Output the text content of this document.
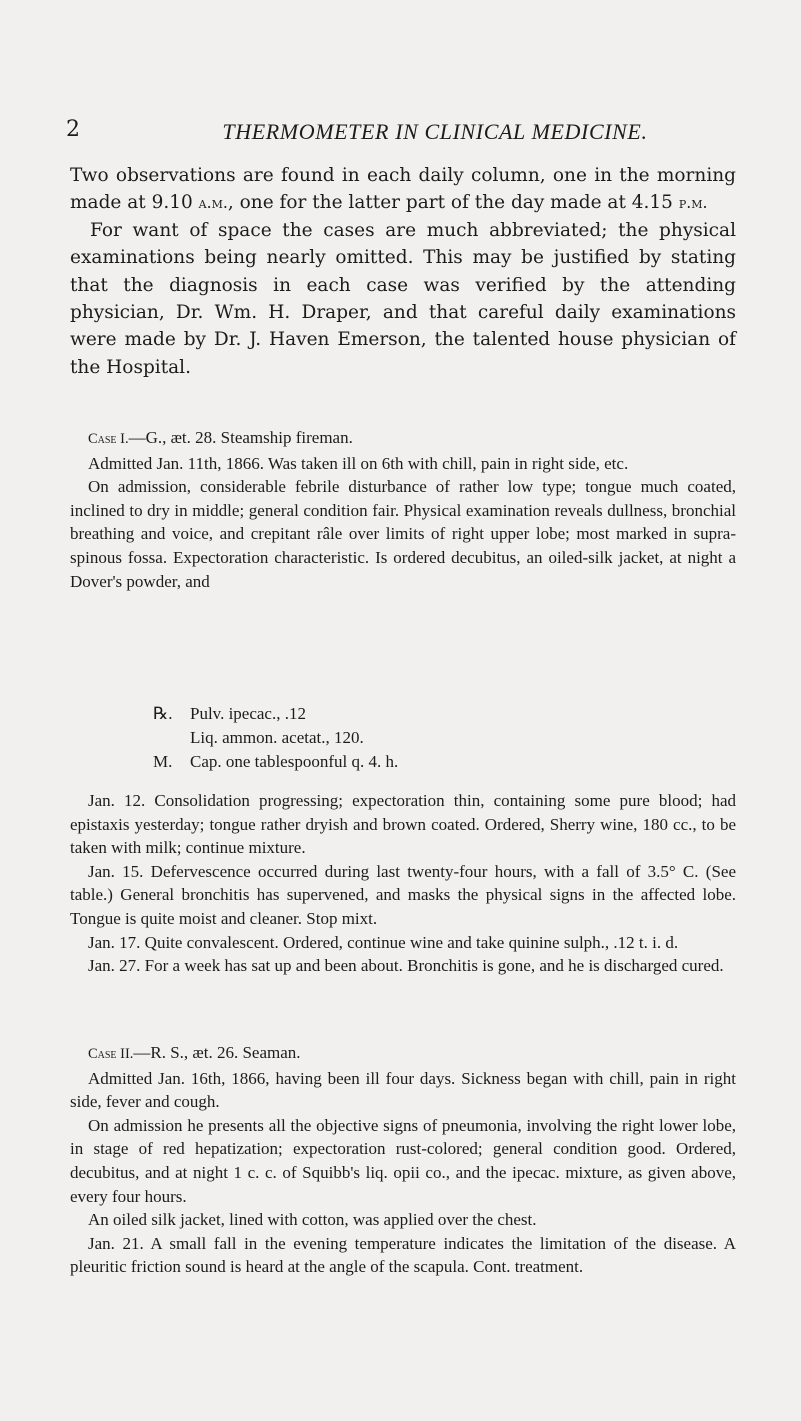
2	THERMOMETER IN CLINICAL MEDICINE.

Two observations are found in each daily column, one in the morning made at 9.10 a.m., one for the latter part of the day made at 4.15 p.m.

For want of space the cases are much abbreviated; the physical examinations being nearly omitted. This may be justified by stating that the diagnosis in each case was verified by the attending physician, Dr. Wm. H. Draper, and that careful daily examinations were made by Dr. J. Haven Emerson, the talented house physician of the Hospital.

Case I.—G., æt. 28. Steamship fireman.

Admitted Jan. 11th, 1866. Was taken ill on 6th with chill, pain in right side, etc.

On admission, considerable febrile disturbance of rather low type; tongue much coated, inclined to dry in middle; general condition fair. Physical examination reveals dullness, bronchial breathing and voice, and crepitant râle over limits of right upper lobe; most marked in supra-spinous fossa. Expectoration characteristic. Is ordered decubitus, an oiled-silk jacket, at night a Dover's powder, and

℞.	Pulv. ipecac., .12
Liq. ammon. acetat., 120.
M.	Cap. one tablespoonful q. 4. h.

Jan. 12. Consolidation progressing; expectoration thin, containing some pure blood; had epistaxis yesterday; tongue rather dryish and brown coated. Ordered, Sherry wine, 180 cc., to be taken with milk; continue mixture.

Jan. 15. Defervescence occurred during last twenty-four hours, with a fall of 3.5° C. (See table.) General bronchitis has supervened, and masks the physical signs in the affected lobe. Tongue is quite moist and cleaner. Stop mixt.

Jan. 17. Quite convalescent. Ordered, continue wine and take quinine sulph., .12 t. i. d.

Jan. 27. For a week has sat up and been about. Bronchitis is gone, and he is discharged cured.

Case II.—R. S., æt. 26. Seaman.

Admitted Jan. 16th, 1866, having been ill four days. Sickness began with chill, pain in right side, fever and cough.

On admission he presents all the objective signs of pneumonia, involving the right lower lobe, in stage of red hepatization; expectoration rust-colored; general condition good. Ordered, decubitus, and at night 1 c. c. of Squibb's liq. opii co., and the ipecac. mixture, as given above, every four hours.

An oiled silk jacket, lined with cotton, was applied over the chest.

Jan. 21. A small fall in the evening temperature indicates the limitation of the disease. A pleuritic friction sound is heard at the angle of the scapula. Cont. treatment.
